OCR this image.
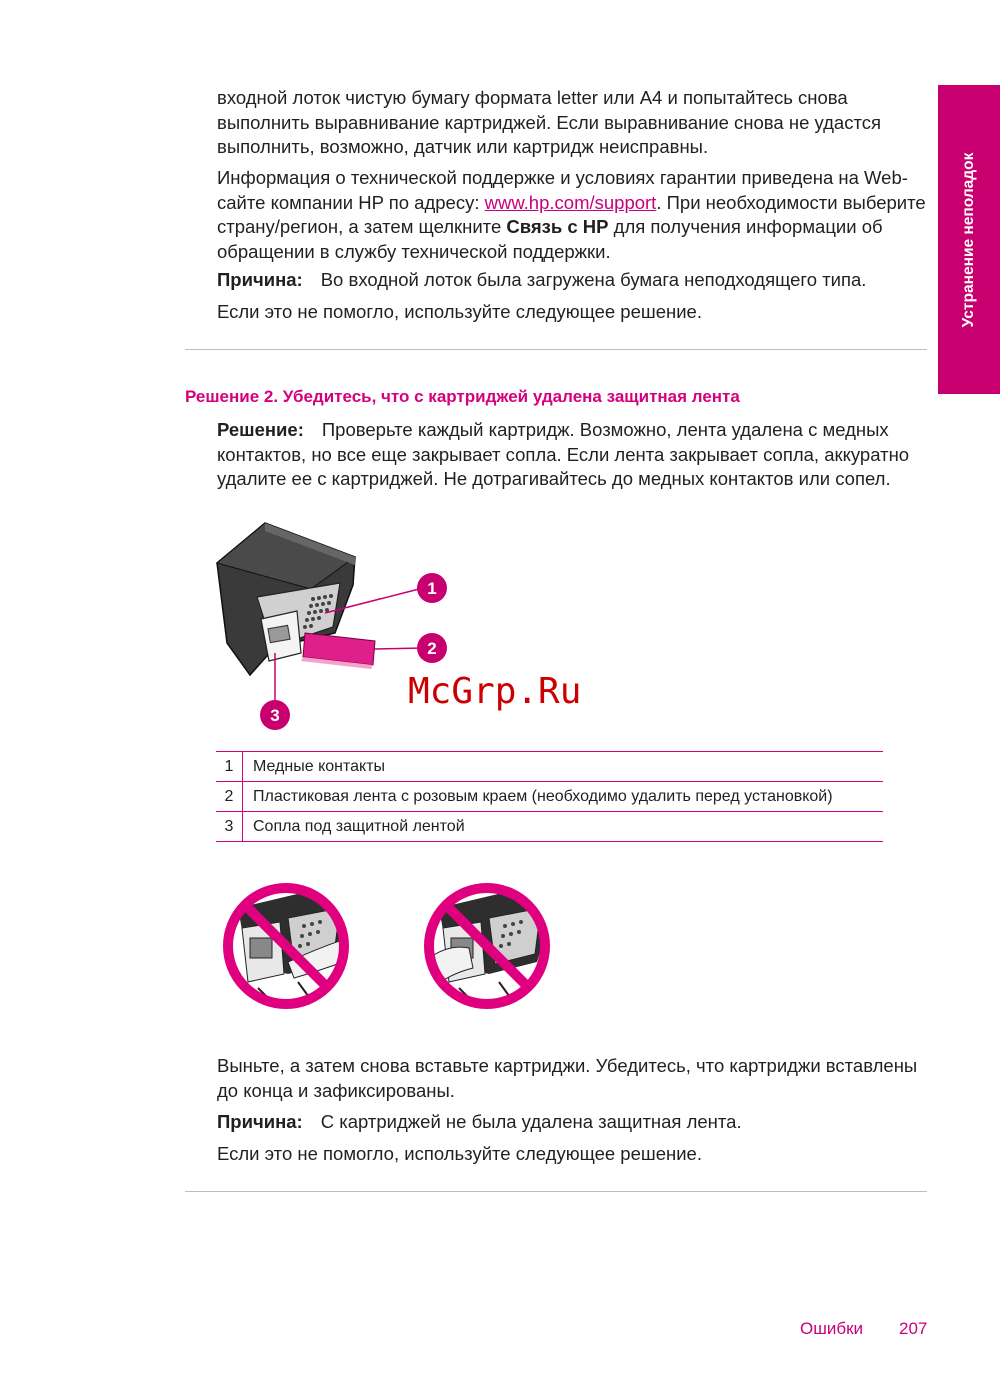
Устранение неполадок

входной лоток чистую бумагу формата letter или A4 и попытайтесь снова выполнить выравнивание картриджей. Если выравнивание снова не удастся выполнить, возможно, датчик или картридж неисправны.

Информация о технической поддержке и условиях гарантии приведена на Web-сайте компании HP по адресу: www.hp.com/support. При необходимости выберите страну/регион, а затем щелкните Связь с HP для получения информации об обращении в службу технической поддержки.

Причина: Во входной лоток была загружена бумага неподходящего типа.

Если это не помогло, используйте следующее решение.

Решение 2. Убедитесь, что с картриджей удалена защитная лента

Решение: Проверьте каждый картридж. Возможно, лента удалена с медных контактов, но все еще закрывает сопла. Если лента закрывает сопла, аккуратно удалите ее с картриджей. Не дотрагивайтесь до медных контактов или сопел.

1
2
3
McGrp.Ru
1	Медные контакты
2	Пластиковая лента с розовым краем (необходимо удалить перед установкой)
3	Сопла под защитной лентой

Выньте, а затем снова вставьте картриджи. Убедитесь, что картриджи вставлены до конца и зафиксированы.

Причина: С картриджей не была удалена защитная лента.

Если это не помогло, используйте следующее решение.

Ошибки 207
